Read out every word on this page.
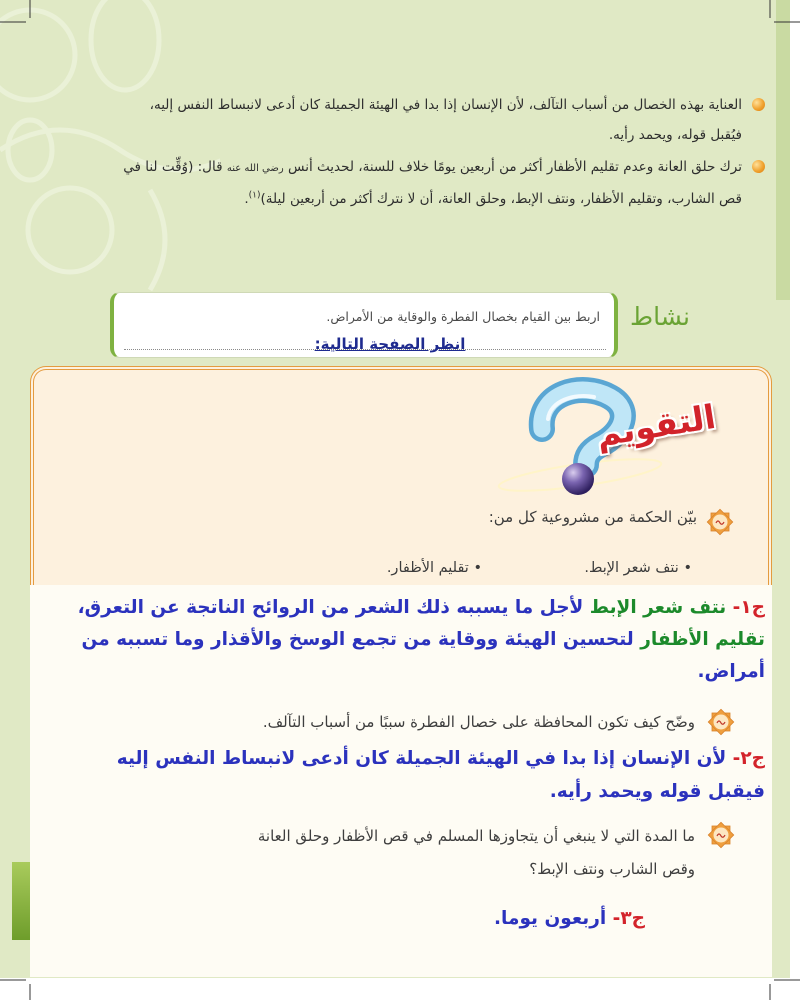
العناية بهذه الخصال من أسباب التآلف، لأن الإنسان إذا بدا في الهيئة الجميلة كان أدعى لانبساط النفس إليه،
فيُقبل قوله، ويحمد رأيه.
ترك حلق العانة وعدم تقليم الأظفار أكثر من أربعين يومًا خلاف للسنة، لحديث أنس رضي الله عنه قال: (وُقِّت لنا في
قص الشارب، وتقليم الأظفار، ونتف الإبط، وحلق العانة، أن لا نترك أكثر من أربعين ليلة)$^{(١)}$.
نشاط
اربط بين القيام بخصال الفطرة والوقاية من الأمراض.
انظر الصفحة التالية:
التقويم
بيّن الحكمة من مشروعية كل من:
• نتف شعر الإبط.
• تقليم الأظفار.
ج١- نتف شعر الإبط لأجل ما يسببه ذلك الشعر من الروائح الناتجة عن التعرق،
تقليم الأظفار لتحسين الهيئة ووقاية من تجمع الوسخ والأقذار وما تسببه من أمراض.
وضّح كيف تكون المحافظة على خصال الفطرة سببًا من أسباب التآلف.
ج٢- لأن الإنسان إذا بدا في الهيئة الجميلة كان أدعى لانبساط النفس إليه
فيقبل قوله ويحمد رأيه.
ما المدة التي لا ينبغي أن يتجاوزها المسلم في قص الأظفار وحلق العانة
وقص الشارب ونتف الإبط؟
ج٣- أربعون يوما.
